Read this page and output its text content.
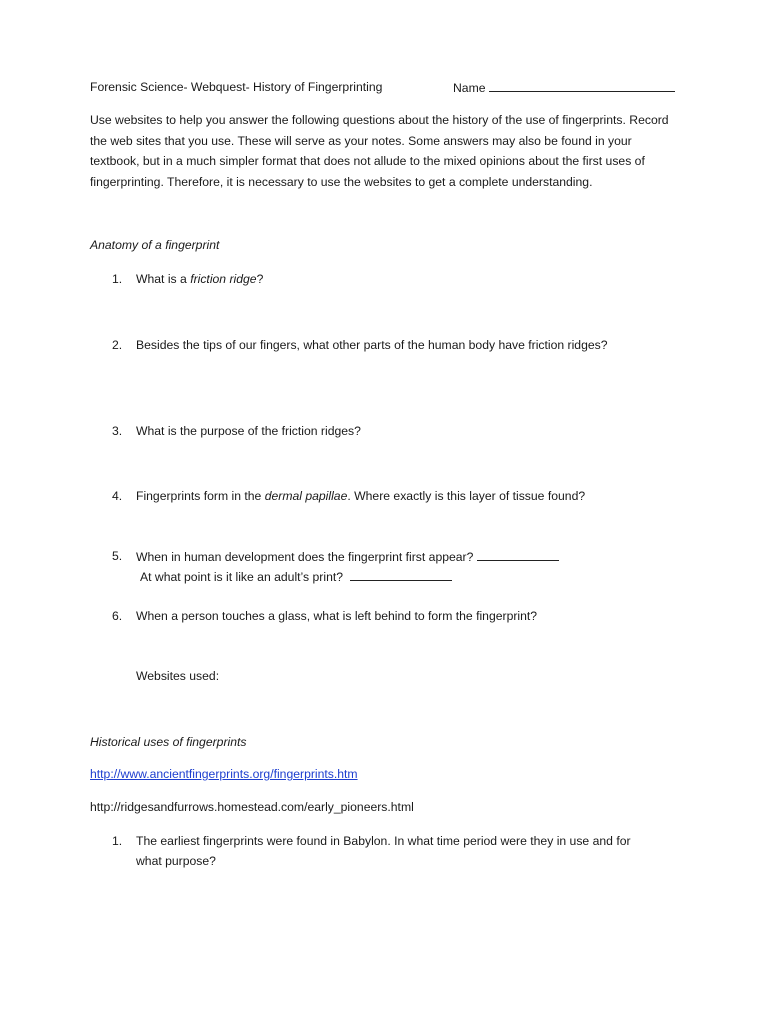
Forensic Science- Webquest- History of Fingerprinting	Name
Use websites to help you answer the following questions about the history of the use of fingerprints. Record the web sites that you use. These will serve as your notes. Some answers may also be found in your textbook, but in a much simpler format that does not allude to the mixed opinions about the first uses of fingerprinting. Therefore, it is necessary to use the websites to get a complete understanding.
Anatomy of a fingerprint
1. What is a friction ridge?
2. Besides the tips of our fingers, what other parts of the human body have friction ridges?
3. What is the purpose of the friction ridges?
4. Fingerprints form in the dermal papillae. Where exactly is this layer of tissue found?
5. When in human development does the fingerprint first appear?
At what point is it like an adult’s print?
6. When a person touches a glass, what is left behind to form the fingerprint?
Websites used:
Historical uses of fingerprints
http://www.ancientfingerprints.org/fingerprints.htm
http://ridgesandfurrows.homestead.com/early_pioneers.html
1. The earliest fingerprints were found in Babylon. In what time period were they in use and for
what purpose?
